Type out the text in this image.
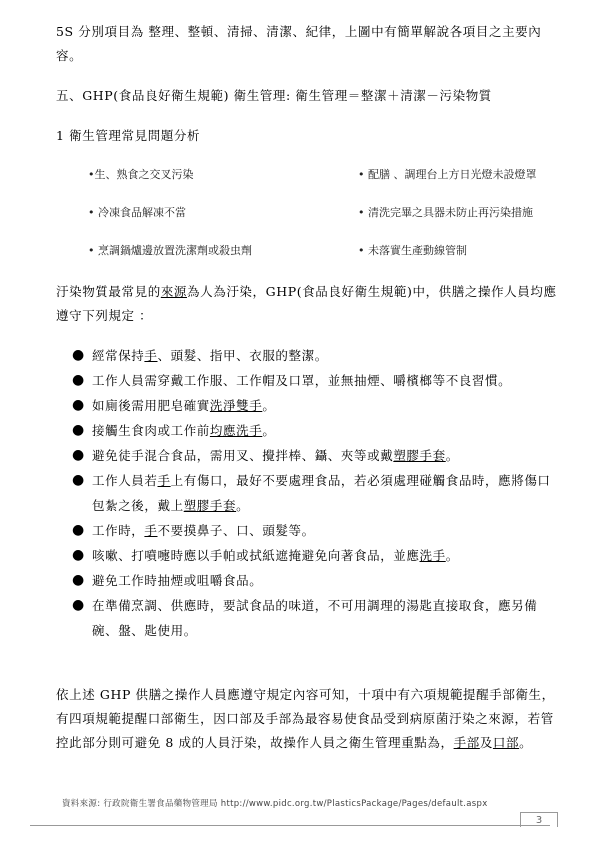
5S 分別項目為 整理、整頓、清掃、清潔、紀律，上圖中有簡單解說各項目之主要內容。
五、GHP(食品良好衛生規範) 衛生管理: 衛生管理＝整潔＋清潔－污染物質
1 衛生管理常見問題分析
•生、熟食之交叉污染	• 配膳 、調理台上方日光燈未設燈罩
• 冷凍食品解凍不當	• 清洗完畢之具器未防止再污染措施
• 烹調鍋爐邊放置洗潔劑或殺虫劑	• 未落實生產動線管制
汙染物質最常見的來源為人為汙染，GHP(食品良好衛生規範)中，供膳之操作人員均應遵守下列規定 ：
● 經常保持手、頭髮、指甲、衣服的整潔。
● 工作人員需穿戴工作服、工作帽及口罩，並無抽煙、嚼檳榔等不良習慣。
● 如廁後需用肥皂確實洗淨雙手。
● 接觸生食肉或工作前均應洗手。
● 避免徒手混合食品，需用叉、攪拌棒、鑷、夾等或戴塑膠手套。
● 工作人員若手上有傷口，最好不要處理食品，若必須處理碰觸食品時，應將傷口包紮之後，戴上塑膠手套。
● 工作時，手不要摸鼻子、口、頭髮等。
● 咳嗽、打噴嚏時應以手帕或拭紙遮掩避免向著食品，並應洗手。
● 避免工作時抽煙或咀嚼食品。
● 在準備烹調、供應時，要試食品的味道，不可用調理的湯匙直接取食，應另備碗、盤、匙使用。
依上述 GHP 供膳之操作人員應遵守規定內容可知，十項中有六項規範提醒手部衛生，有四項規範提醒口部衛生，因口部及手部為最容易使食品受到病原菌汙染之來源，若管控此部分則可避免 8 成的人員汙染，故操作人員之衛生管理重點為，手部及口部。
資料來源: 行政院衛生署食品藥物管理局 http://www.pidc.org.tw/PlasticsPackage/Pages/default.aspx
3
